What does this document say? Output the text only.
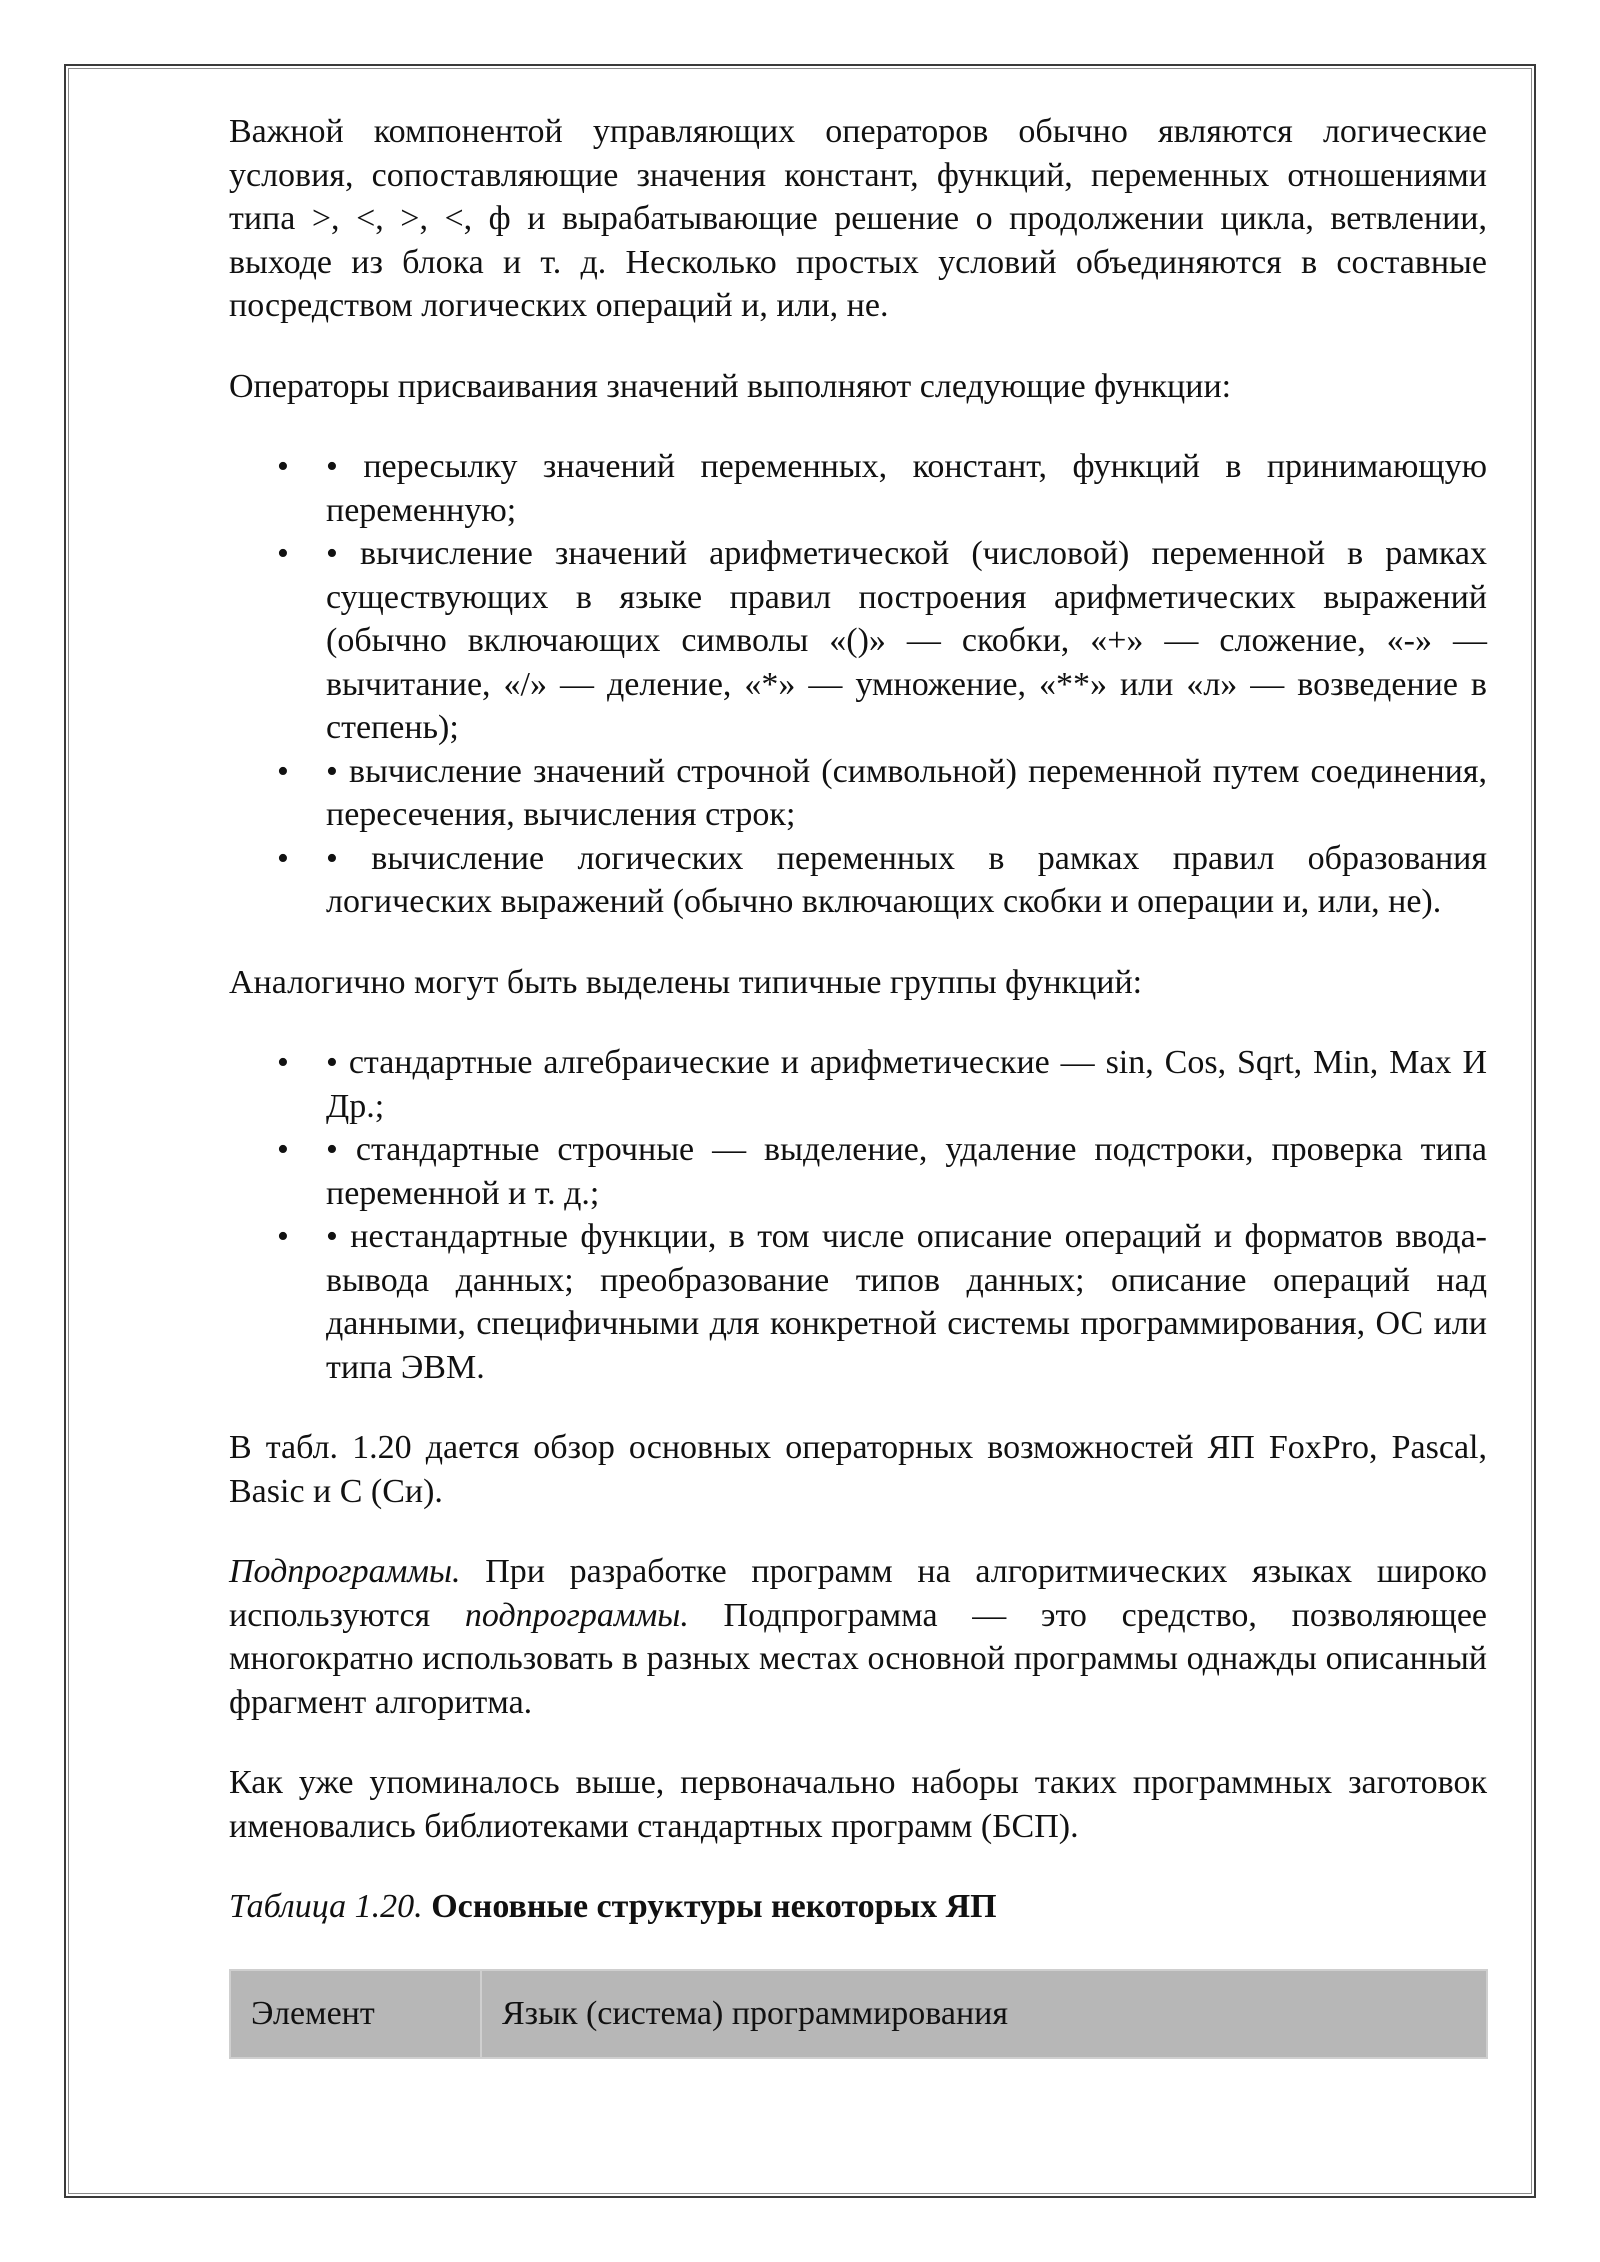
Важной компонентой управляющих операторов обычно являются логические условия, сопоставляющие значения констант, функций, переменных отношениями типа >, <, >, <, ф и вырабатывающие решение о продолжении цикла, ветвлении, выходе из блока и т. д. Несколько простых условий объединяются в составные посредством логических операций и, или, не.

Операторы присваивания значений выполняют следующие функции:

• • пересылку значений переменных, констант, функций в принимающую переменную;
• • вычисление значений арифметической (числовой) переменной в рамках существующих в языке правил построения арифметических выражений (обычно включающих символы «()» — скобки, «+» — сложение, «-» — вычитание, «/» — деление, «*» — умножение, «**» или «л» — возведение в степень);
• • вычисление значений строчной (символьной) переменной путем соединения, пересечения, вычисления строк;
• • вычисление логических переменных в рамках правил образования логических выражений (обычно включающих скобки и операции и, или, не).

Аналогично могут быть выделены типичные группы функций:

• • стандартные алгебраические и арифметические — sin, Cos, Sqrt, Min, Max И Др.;
• • стандартные строчные — выделение, удаление подстроки, проверка типа переменной и т. д.;
• • нестандартные функции, в том числе описание операций и форматов ввода-вывода данных; преобразование типов данных; описание операций над данными, специфичными для конкретной системы программирования, ОС или типа ЭВМ.

В табл. 1.20 дается обзор основных операторных возможностей ЯП FoxPro, Pascal, Basic и С (Си).

Подпрограммы. При разработке программ на алгоритмических языках широко используются подпрограммы. Подпрограмма — это средство, позволяющее многократно использовать в разных местах основной программы однажды описанный фрагмент алгоритма.

Как уже упоминалось выше, первоначально наборы таких программных заготовок именовались библиотеками стандартных программ (БСП).

Таблица 1.20. Основные структуры некоторых ЯП
Элемент	Язык (система) программирования
